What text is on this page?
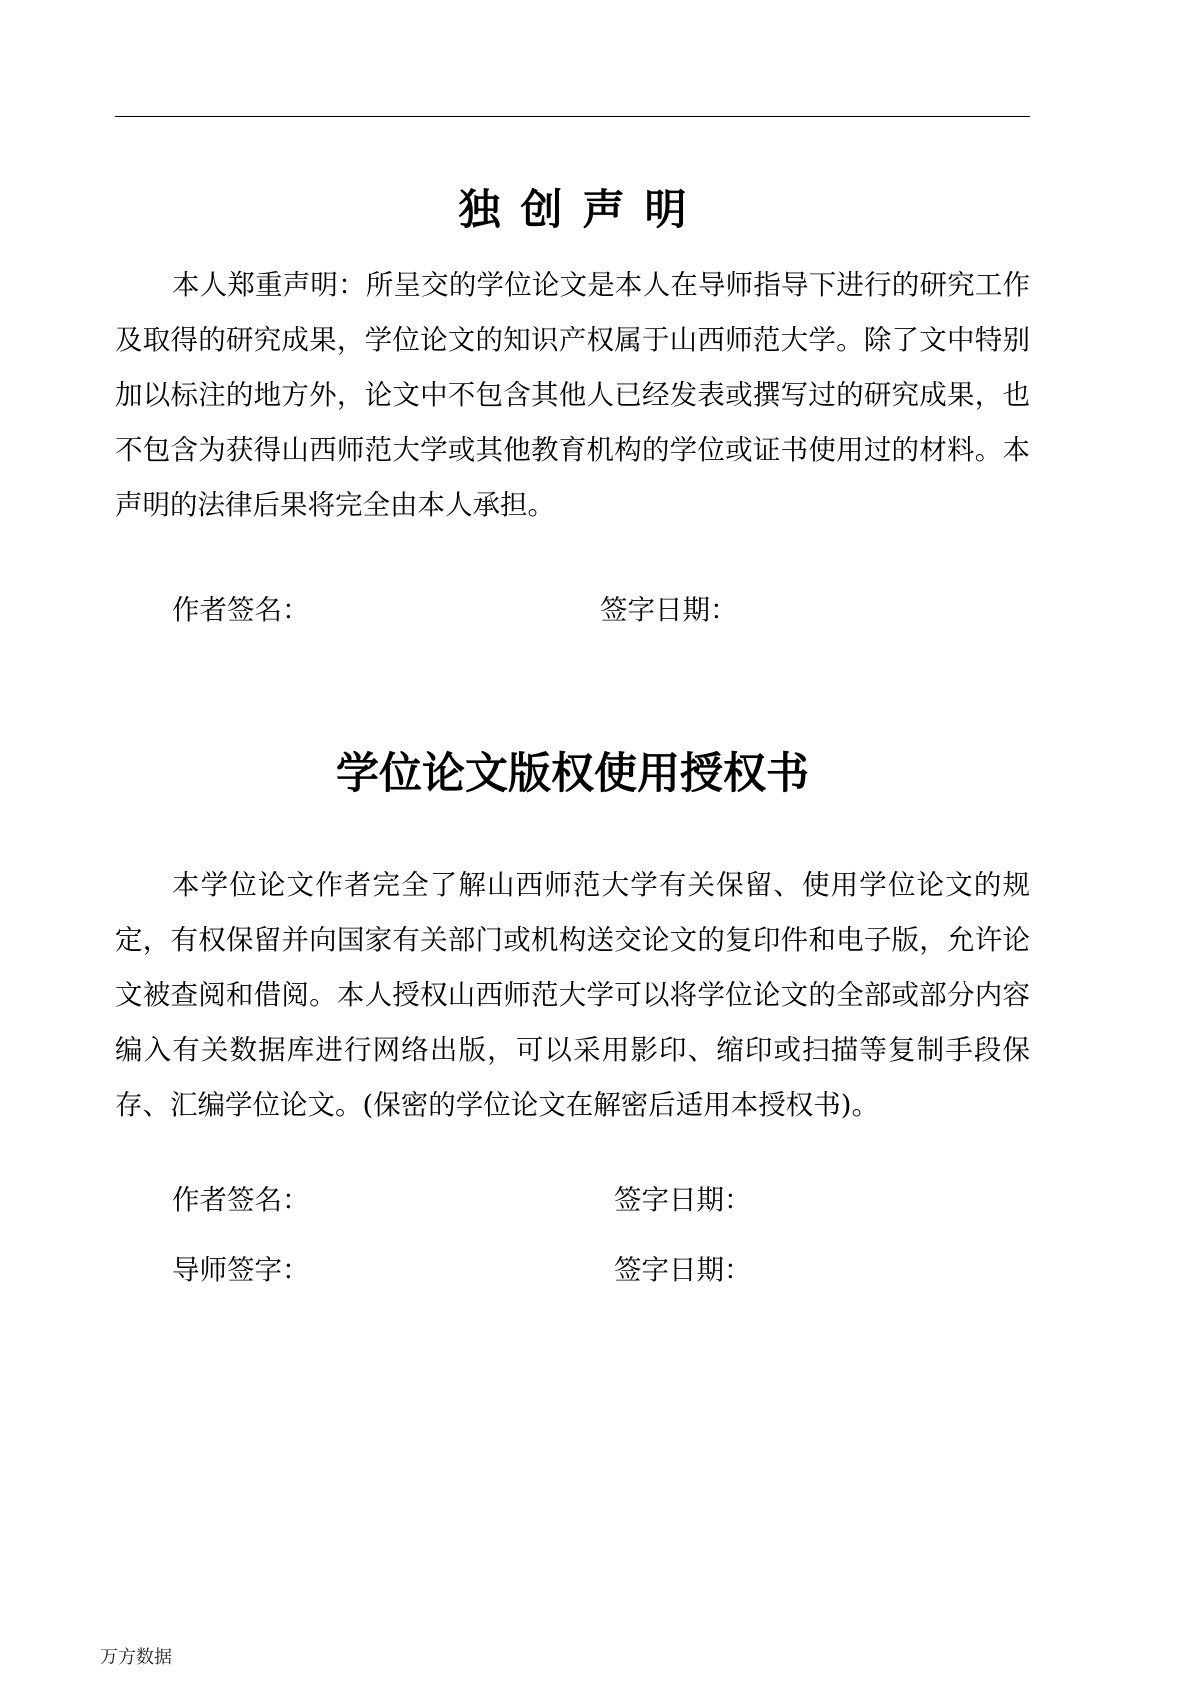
独创声明

本人郑重声明：所呈交的学位论文是本人在导师指导下进行的研究工作及取得的研究成果，学位论文的知识产权属于山西师范大学。除了文中特别加以标注的地方外，论文中不包含其他人已经发表或撰写过的研究成果，也不包含为获得山西师范大学或其他教育机构的学位或证书使用过的材料。本声明的法律后果将完全由本人承担。

作者签名：	签字日期：
学位论文版权使用授权书

本学位论文作者完全了解山西师范大学有关保留、使用学位论文的规定，有权保留并向国家有关部门或机构送交论文的复印件和电子版，允许论文被查阅和借阅。本人授权山西师范大学可以将学位论文的全部或部分内容编入有关数据库进行网络出版，可以采用影印、缩印或扫描等复制手段保存、汇编学位论文。(保密的学位论文在解密后适用本授权书)。

作者签名：	签字日期：
导师签字：	签字日期：
万方数据
